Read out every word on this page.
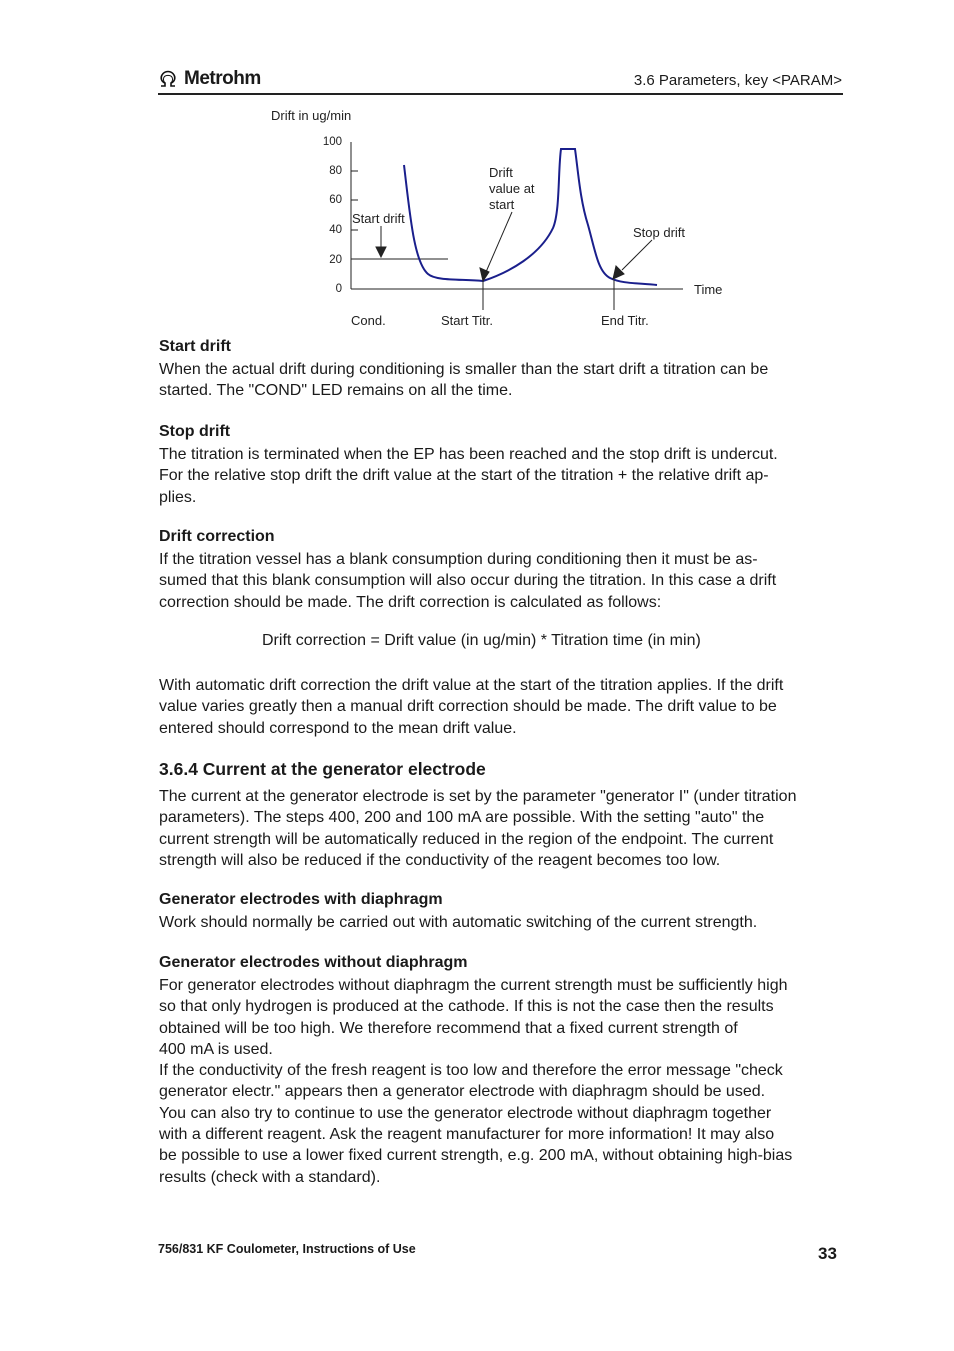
Metrohm	3.6 Parameters, key <PARAM>
Drift in ug/min
100
80
60
40
20
0
Start drift
Drift
value at
start
Stop drift
Time
Cond.	Start Titr.	End Titr.
Start drift
When the actual drift during conditioning is smaller than the start drift a titration can be
started. The "COND" LED remains on all the time.
Stop drift
The titration is terminated when the EP has been reached and the stop drift is undercut.
For the relative stop drift the drift value at the start of the titration + the relative drift ap-
plies.
Drift correction
If the titration vessel has a blank consumption during conditioning then it must be as-
sumed that this blank consumption will also occur during the titration. In this case a drift
correction should be made. The drift correction is calculated as follows:
Drift correction = Drift value (in ug/min) * Titration time (in min)
With automatic drift correction the drift value at the start of the titration applies. If the drift
value varies greatly then a manual drift correction should be made. The drift value to be
entered should correspond to the mean drift value.
3.6.4 Current at the generator electrode
The current at the generator electrode is set by the parameter "generator I" (under titration
parameters). The steps 400, 200 and 100 mA are possible. With the setting "auto" the
current strength will be automatically reduced in the region of the endpoint. The current
strength will also be reduced if the conductivity of the reagent becomes too low.
Generator electrodes with diaphragm
Work should normally be carried out with automatic switching of the current strength.
Generator electrodes without diaphragm
For generator electrodes without diaphragm the current strength must be sufficiently high
so that only hydrogen is produced at the cathode. If this is not the case then the results
obtained will be too high. We therefore recommend that a fixed current strength of
400 mA is used.
If the conductivity of the fresh reagent is too low and therefore the error message "check
generator electr." appears then a generator electrode with diaphragm should be used.
You can also try to continue to use the generator electrode without diaphragm together
with a different reagent. Ask the reagent manufacturer for more information! It may also
be possible to use a lower fixed current strength, e.g. 200 mA, without obtaining high-bias
results (check with a standard).
756/831 KF Coulometer, Instructions of Use	33
